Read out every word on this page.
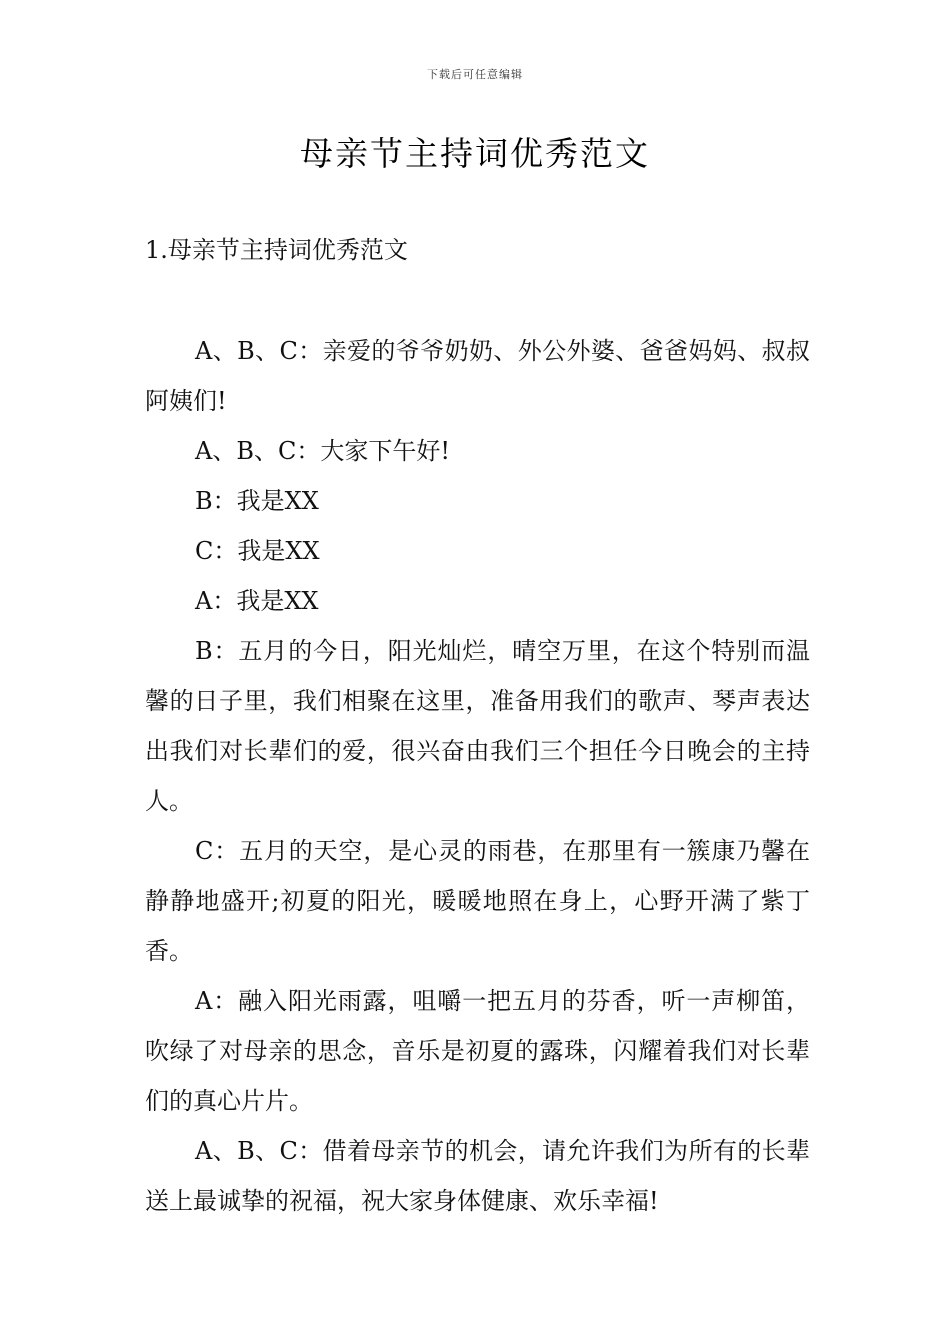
下载后可任意编辑
母亲节主持词优秀范文
1.母亲节主持词优秀范文

A、B、C：亲爱的爷爷奶奶、外公外婆、爸爸妈妈、叔叔阿姨们!

A、B、C：大家下午好!

B：我是XX

C：我是XX

A：我是XX

B：五月的今日，阳光灿烂，晴空万里，在这个特别而温馨的日子里，我们相聚在这里，准备用我们的歌声、琴声表达出我们对长辈们的爱，很兴奋由我们三个担任今日晚会的主持人。

C：五月的天空，是心灵的雨巷，在那里有一簇康乃馨在静静地盛开;初夏的阳光，暖暖地照在身上，心野开满了紫丁香。

A：融入阳光雨露，咀嚼一把五月的芬香，听一声柳笛，吹绿了对母亲的思念，音乐是初夏的露珠，闪耀着我们对长辈们的真心片片。

A、B、C：借着母亲节的机会，请允许我们为所有的长辈送上最诚挚的祝福，祝大家身体健康、欢乐幸福!
